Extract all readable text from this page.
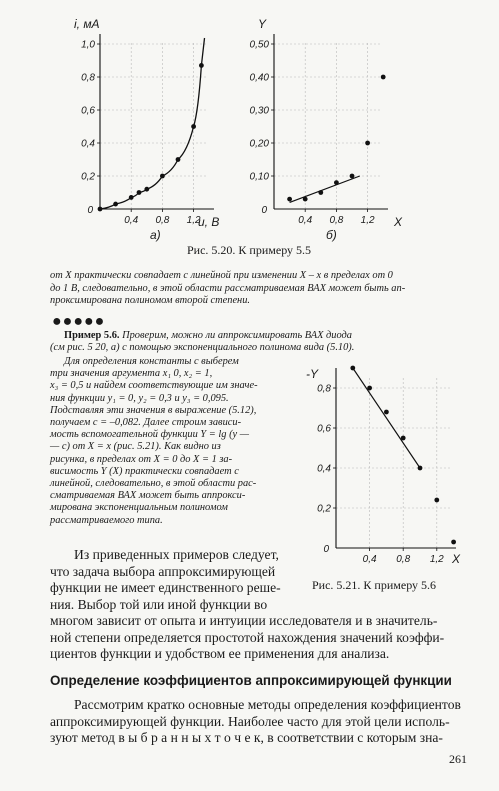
0,2
0,4
0,6
0,8
1,0
0,4 0,8 1,2
0
i, мА
u, В
а)
0,10
0,20
0,30
0,40
0,50
0,4 0,8 1,2
0
Y
X
б)
Рис. 5.20. К примеру 5.5

от X практически совпадает с линейной при изменении X – x в пределах от 0

до 1 В, следовательно, в этой области рассматриваемая ВАХ может быть ап-

проксимирована полиномом второй степени.

●●●●●

Пример 5.6. Проверим, можно ли аппроксимировать ВАХ диода

(см рис. 5 20, а) с помощью экспоненциального полинома вида (5.10).

Для определения константы с выберем

три значения аргумента x₁ 0, x₂ = 1,

x₃ = 0,5 и найдем соответствующие им значе-

ния функции y₁ = 0, y₂ = 0,3 и y₃ = 0,095.

Подставляя эти значения в выражение (5.12),

получаем c = –0,082. Далее строим зависи-

мость вспомогательной функции Y = lg (y —

— c) от X = x (рис. 5.21). Как видно из

рисунка, в пределах от X = 0 до X = 1 за-

висимость Y (X) практически совпадает с

линейной, следовательно, в этой области рас-

сматриваемая ВАХ может быть аппрокси-

мирована экспоненциальным полиномом

рассматриваемого типа.

0,2
0,4
0,6
0,8
0,4 0,8 1,2
0
-Y
X
Рис. 5.21. К примеру 5.6

Из приведенных примеров следует,

что задача выбора аппроксимирующей

функции не имеет единственного реше-

ния. Выбор той или иной функции во

многом зависит от опыта и интуиции исследователя и в значитель-

ной степени определяется простотой нахождения значений коэффи-

циентов функции и удобством ее применения для анализа.

Определение коэффициентов аппроксимирующей функции

Рассмотрим кратко основные методы определения коэффициентов

аппроксимирующей функции. Наиболее часто для этой цели исполь-

зуют метод в ы б р а н н ы х т о ч е к, в соответствии с которым зна-

261
